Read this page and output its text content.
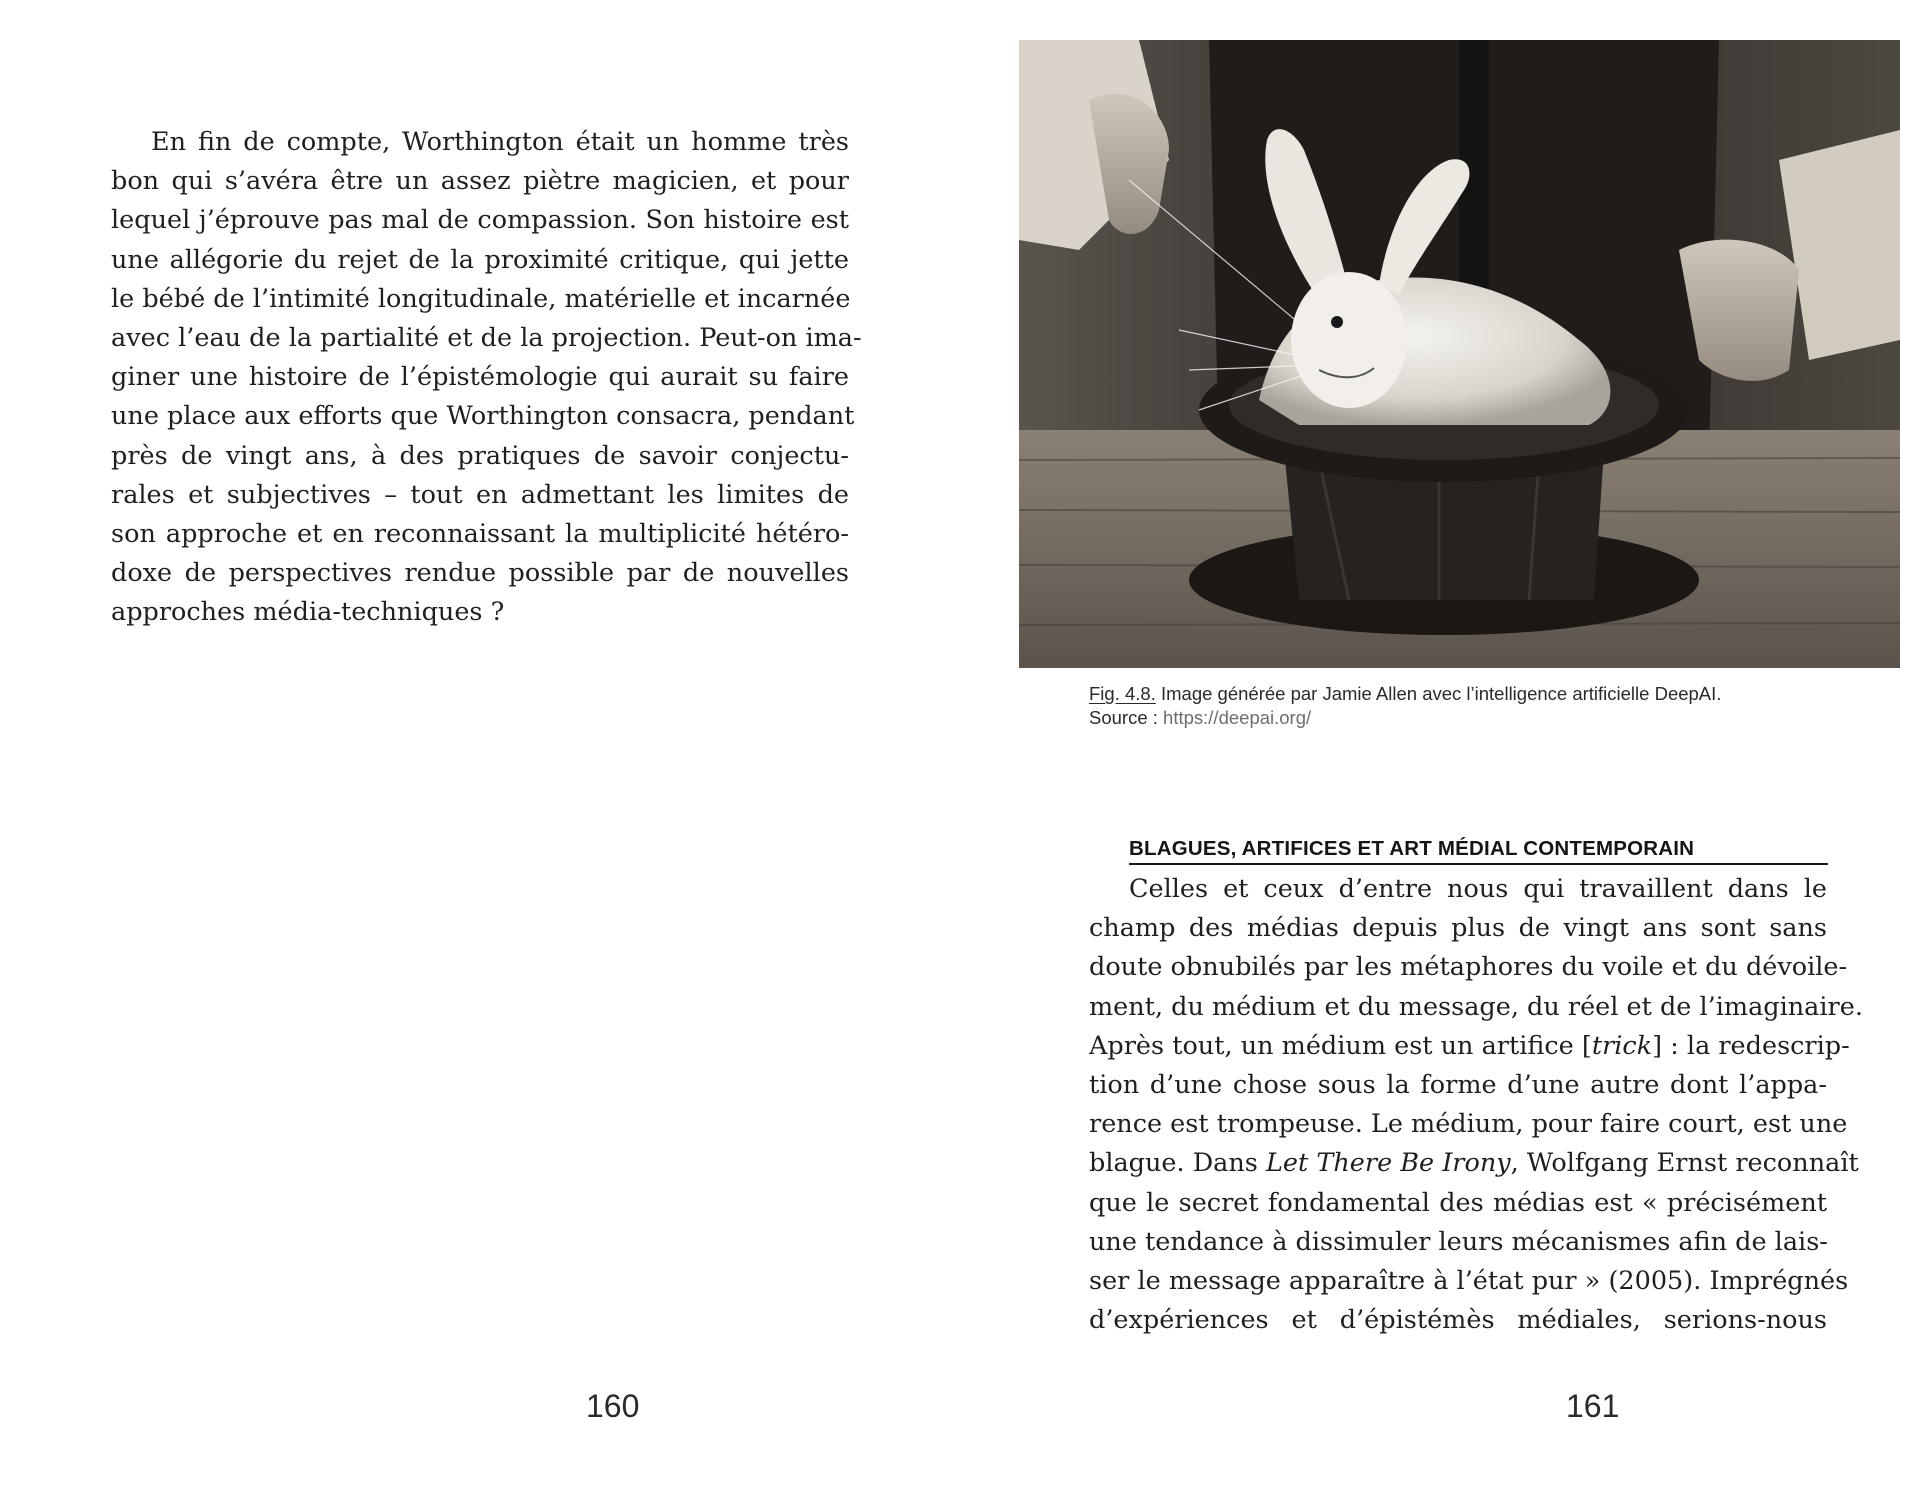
En fin de compte, Worthington était un homme très
bon qui s’avéra être un assez piètre magicien, et pour
lequel j’éprouve pas mal de compassion. Son histoire est
une allégorie du rejet de la proximité critique, qui jette
le bébé de l’intimité longitudinale, matérielle et incarnée
avec l’eau de la partialité et de la projection. Peut-on ima-
giner une histoire de l’épistémologie qui aurait su faire
une place aux efforts que Worthington consacra, pendant
près de vingt ans, à des pratiques de savoir conjectu-
rales et subjectives – tout en admettant les limites de
son approche et en reconnaissant la multiplicité hétéro-
doxe de perspectives rendue possible par de nouvelles
approches média-techniques ?
160
Fig. 4.8. Image générée par Jamie Allen avec l’intelligence artificielle DeepAI.
Source : https://deepai.org/
BLAGUES, ARTIFICES ET ART MÉDIAL CONTEMPORAIN
Celles et ceux d’entre nous qui travaillent dans le
champ des médias depuis plus de vingt ans sont sans
doute obnubilés par les métaphores du voile et du dévoile-
ment, du médium et du message, du réel et de l’imaginaire.
Après tout, un médium est un artifice [trick] : la redescrip-
tion d’une chose sous la forme d’une autre dont l’appa-
rence est trompeuse. Le médium, pour faire court, est une
blague. Dans Let There Be Irony, Wolfgang Ernst reconnaît
que le secret fondamental des médias est « précisément
une tendance à dissimuler leurs mécanismes afin de lais-
ser le message apparaître à l’état pur » (2005). Imprégnés
d’expériences et d’épistémès médiales, serions-nous
161
